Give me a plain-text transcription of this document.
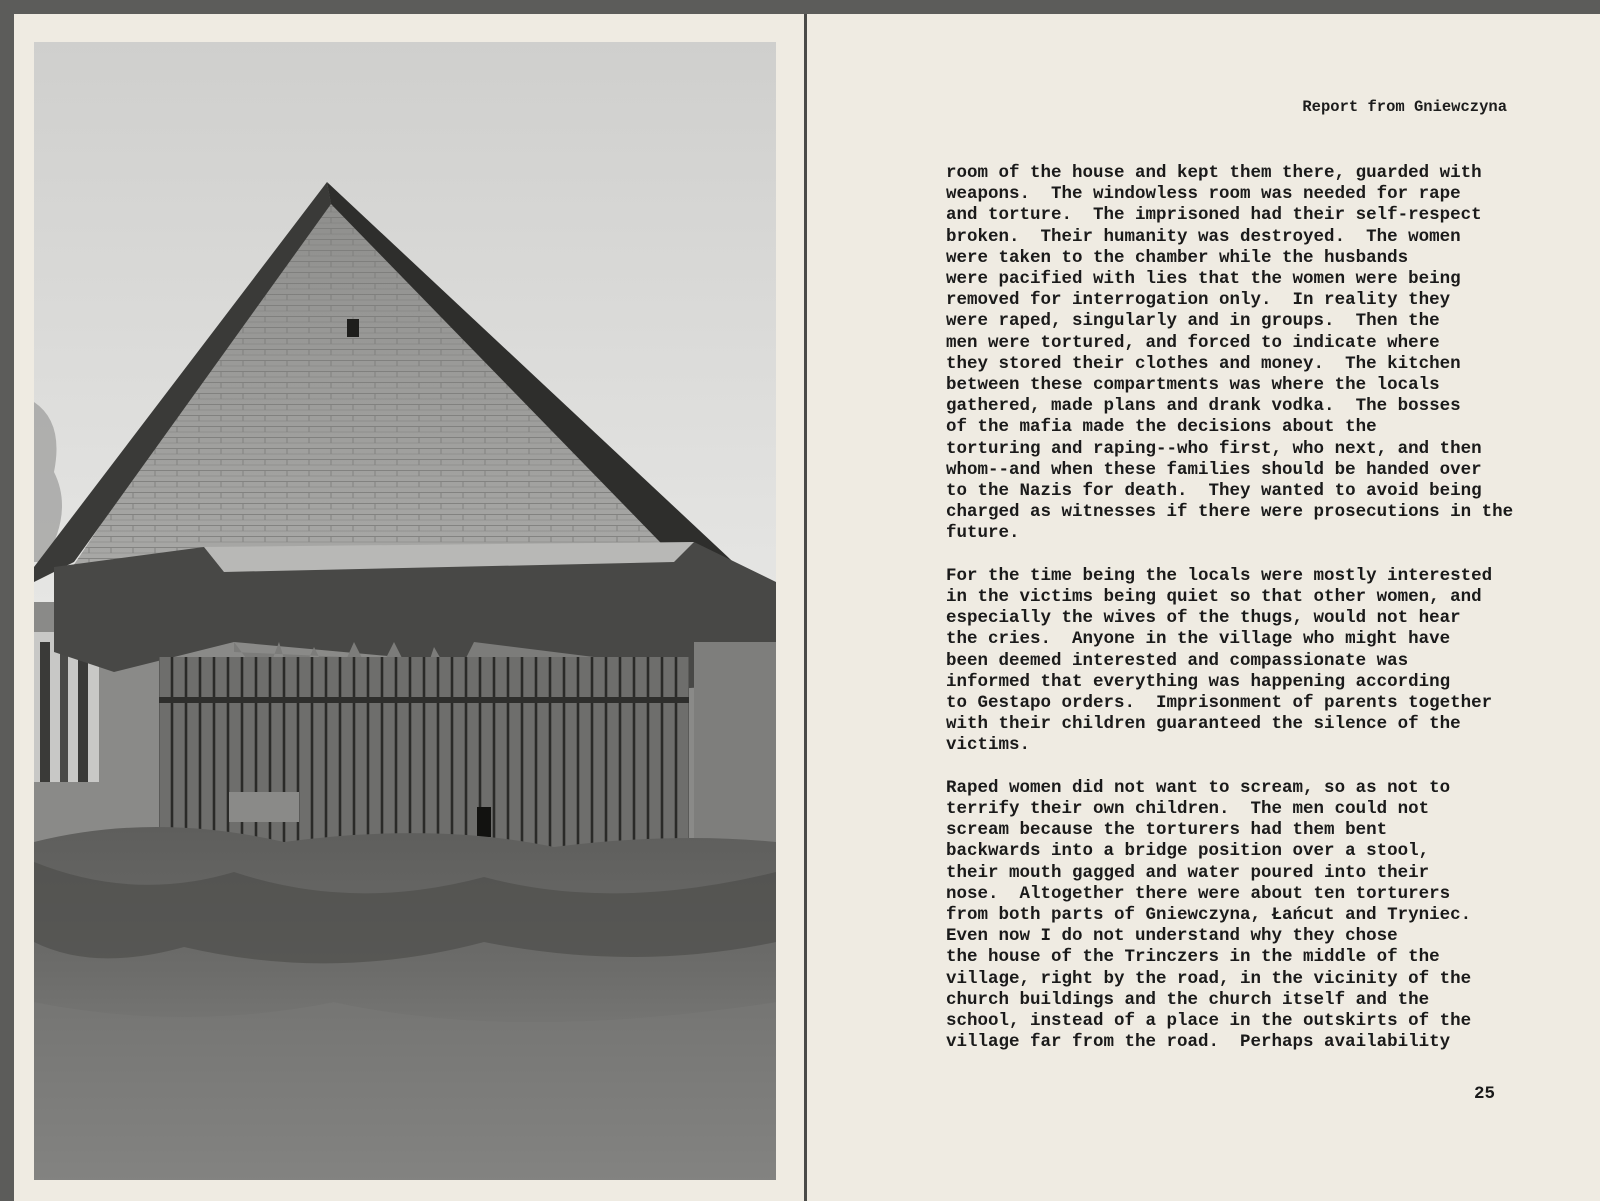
Report from Gniewczyna

room of the house and kept them there, guarded with
weapons.  The windowless room was needed for rape
and torture.  The imprisoned had their self-respect
broken.  Their humanity was destroyed.  The women
were taken to the chamber while the husbands
were pacified with lies that the women were being
removed for interrogation only.  In reality they
were raped, singularly and in groups.  Then the
men were tortured, and forced to indicate where
they stored their clothes and money.  The kitchen
between these compartments was where the locals
gathered, made plans and drank vodka.  The bosses
of the mafia made the decisions about the
torturing and raping--who first, who next, and then
whom--and when these families should be handed over
to the Nazis for death.  They wanted to avoid being
charged as witnesses if there were prosecutions in the
future.

For the time being the locals were mostly interested
in the victims being quiet so that other women, and
especially the wives of the thugs, would not hear
the cries.  Anyone in the village who might have
been deemed interested and compassionate was
informed that everything was happening according
to Gestapo orders.  Imprisonment of parents together
with their children guaranteed the silence of the
victims.

Raped women did not want to scream, so as not to
terrify their own children.  The men could not
scream because the torturers had them bent
backwards into a bridge position over a stool,
their mouth gagged and water poured into their
nose.  Altogether there were about ten torturers
from both parts of Gniewczyna, Łańcut and Tryniec.
Even now I do not understand why they chose
the house of the Trinczers in the middle of the
village, right by the road, in the vicinity of the
church buildings and the church itself and the
school, instead of a place in the outskirts of the
village far from the road.  Perhaps availability

25
